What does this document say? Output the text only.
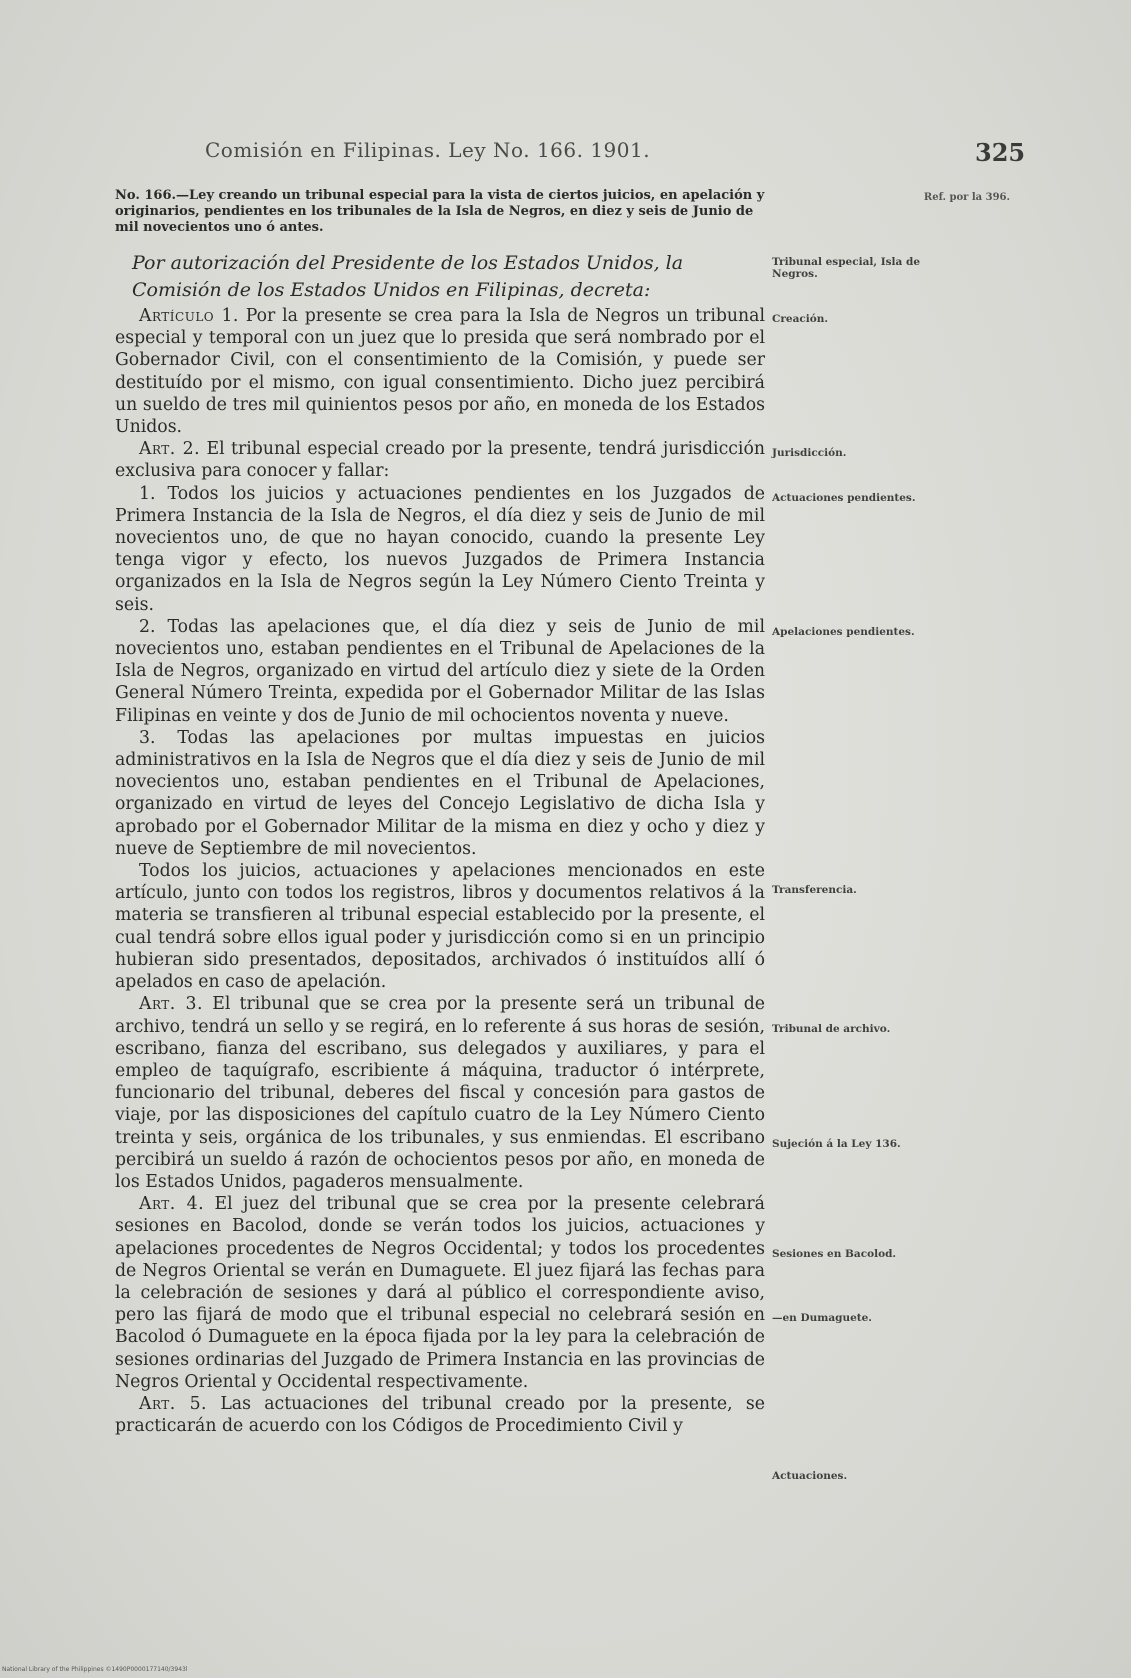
Comisión en Filipinas. Ley No. 166. 1901.	325
Ref. por la 396.
No. 166.—Ley creando un tribunal especial para la vista de ciertos juicios, en apelación y originarios, pendientes en los tribunales de la Isla de Negros, en diez y seis de Junio de mil novecientos uno ó antes.
Por autorización del Presidente de los Estados Unidos, la Comisión de los Estados Unidos en Filipinas, decreta:

Artículo 1. Por la presente se crea para la Isla de Negros un tribunal especial y temporal con un juez que lo presida que será nombrado por el Gobernador Civil, con el consentimiento de la Comisión, y puede ser destituído por el mismo, con igual consentimiento. Dicho juez percibirá un sueldo de tres mil quinientos pesos por año, en moneda de los Estados Unidos.

Art. 2. El tribunal especial creado por la presente, tendrá jurisdicción exclusiva para conocer y fallar:

1. Todos los juicios y actuaciones pendientes en los Juzgados de Primera Instancia de la Isla de Negros, el día diez y seis de Junio de mil novecientos uno, de que no hayan conocido, cuando la presente Ley tenga vigor y efecto, los nuevos Juzgados de Primera Instancia organizados en la Isla de Negros según la Ley Número Ciento Treinta y seis.

2. Todas las apelaciones que, el día diez y seis de Junio de mil novecientos uno, estaban pendientes en el Tribunal de Apelaciones de la Isla de Negros, organizado en virtud del artículo diez y siete de la Orden General Número Treinta, expedida por el Gobernador Militar de las Islas Filipinas en veinte y dos de Junio de mil ochocientos noventa y nueve.

3. Todas las apelaciones por multas impuestas en juicios administrativos en la Isla de Negros que el día diez y seis de Junio de mil novecientos uno, estaban pendientes en el Tribunal de Apelaciones, organizado en virtud de leyes del Concejo Legislativo de dicha Isla y aprobado por el Gobernador Militar de la misma en diez y ocho y diez y nueve de Septiembre de mil novecientos.

Todos los juicios, actuaciones y apelaciones mencionados en este artículo, junto con todos los registros, libros y documentos relativos á la materia se transfieren al tribunal especial establecido por la presente, el cual tendrá sobre ellos igual poder y jurisdicción como si en un principio hubieran sido presentados, depositados, archivados ó instituídos allí ó apelados en caso de apelación.

Art. 3. El tribunal que se crea por la presente será un tribunal de archivo, tendrá un sello y se regirá, en lo referente á sus horas de sesión, escribano, fianza del escribano, sus delegados y auxiliares, y para el empleo de taquígrafo, escribiente á máquina, traductor ó intérprete, funcionario del tribunal, deberes del fiscal y concesión para gastos de viaje, por las disposiciones del capítulo cuatro de la Ley Número Ciento treinta y seis, orgánica de los tribunales, y sus enmiendas. El escribano percibirá un sueldo á razón de ochocientos pesos por año, en moneda de los Estados Unidos, pagaderos mensualmente.

Art. 4. El juez del tribunal que se crea por la presente celebrará sesiones en Bacolod, donde se verán todos los juicios, actuaciones y apelaciones procedentes de Negros Occidental; y todos los procedentes de Negros Oriental se verán en Dumaguete. El juez fijará las fechas para la celebración de sesiones y dará al público el correspondiente aviso, pero las fijará de modo que el tribunal especial no celebrará sesión en Bacolod ó Dumaguete en la época fijada por la ley para la celebración de sesiones ordinarias del Juzgado de Primera Instancia en las provincias de Negros Oriental y Occidental respectivamente.

Art. 5. Las actuaciones del tribunal creado por la presente, se practicarán de acuerdo con los Códigos de Procedimiento Civil y

Tribunal especial, Isla de Negros.
Creación.
Jurisdicción.
Actuaciones pendientes.
Apelaciones pendientes.
Transferencia.
Tribunal de archivo.
Sujeción á la Ley 136.
Sesiones en Bacolod.
—en Dumaguete.
Actuaciones.
National Library of the Philippines ©1490P0000177140/3943l
